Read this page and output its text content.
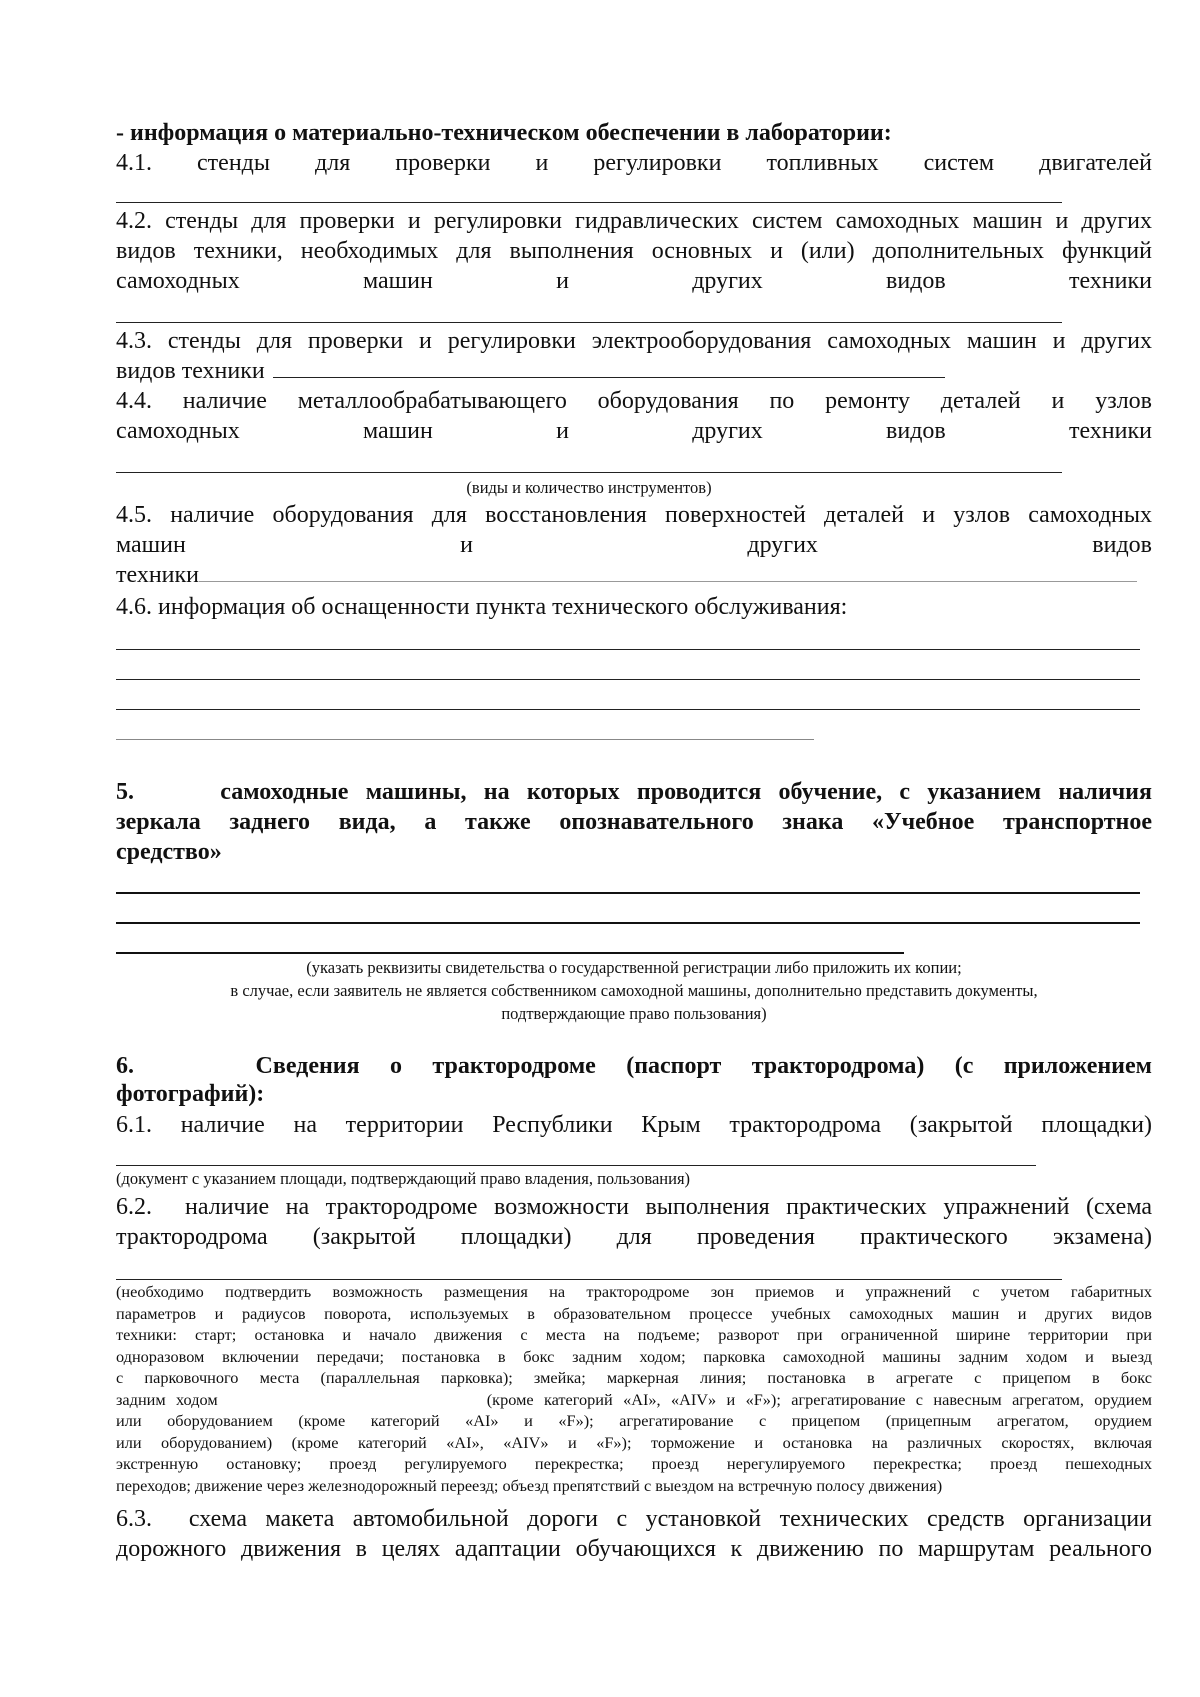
- информация о материально-техническом обеспечении в лаборатории:

4.1. стенды для проверки и регулировки топливных систем двигателей

4.2. стенды для проверки и регулировки гидравлических систем самоходных машин и других

видов техники, необходимых для выполнения основных и (или) дополнительных функций

самоходных машин и других видов техники

4.3. стенды для проверки и регулировки электрооборудования самоходных машин и других

видов техники

4.4. наличие металлообрабатывающего оборудования по ремонту деталей и узлов

самоходных машин и других видов техники

(виды и количество инструментов)

4.5. наличие оборудования для восстановления поверхностей деталей и узлов самоходных

машин и других видов

техники

4.6. информация об оснащенности пункта технического обслуживания:

5.     самоходные машины, на которых проводится обучение, с указанием наличия

зеркала заднего вида, а также опознавательного знака «Учебное транспортное

средство»

(указать реквизиты свидетельства о государственной регистрации либо приложить их копии;
в случае, если заявитель не является собственником самоходной машины, дополнительно представить документы,
подтверждающие право пользования)

6.    Сведения о трактородроме (паспорт трактородрома) (с приложением

фотографий):

6.1. наличие на территории Республики Крым трактородрома (закрытой площадки)

(документ с указанием площади, подтверждающий право владения, пользования)

6.2.  наличие на трактородроме возможности выполнения практических упражнений (схема

трактородрома (закрытой площадки) для проведения практического экзамена)

(необходимо подтвердить возможность размещения на трактородроме зон приемов и упражнений с учетом габаритных
параметров и радиусов поворота, используемых в образовательном процессе учебных самоходных машин и других видов
техники: старт; остановка и начало движения с места на подъеме; разворот при ограниченной ширине территории при
одноразовом включении передачи; постановка в бокс задним ходом; парковка самоходной машины задним ходом и выезд
с парковочного места (параллельная парковка); змейка; маркерная линия; постановка в агрегате с прицепом в бокс
задним ходом                          (кроме категорий «AI», «AIV» и «F»); агрегатирование с навесным агрегатом, орудием
или оборудованием (кроме категорий «AI» и «F»); агрегатирование с прицепом (прицепным агрегатом, орудием
или оборудованием) (кроме категорий «AI», «AIV» и «F»); торможение и остановка на различных скоростях, включая
экстренную остановку; проезд регулируемого перекрестка; проезд нерегулируемого перекрестка; проезд пешеходных
переходов; движение через железнодорожный переезд; объезд препятствий с выездом на встречную полосу движения)

6.3.  схема макета автомобильной дороги с установкой технических средств организации

дорожного движения в целях адаптации обучающихся к движению по маршрутам реального
